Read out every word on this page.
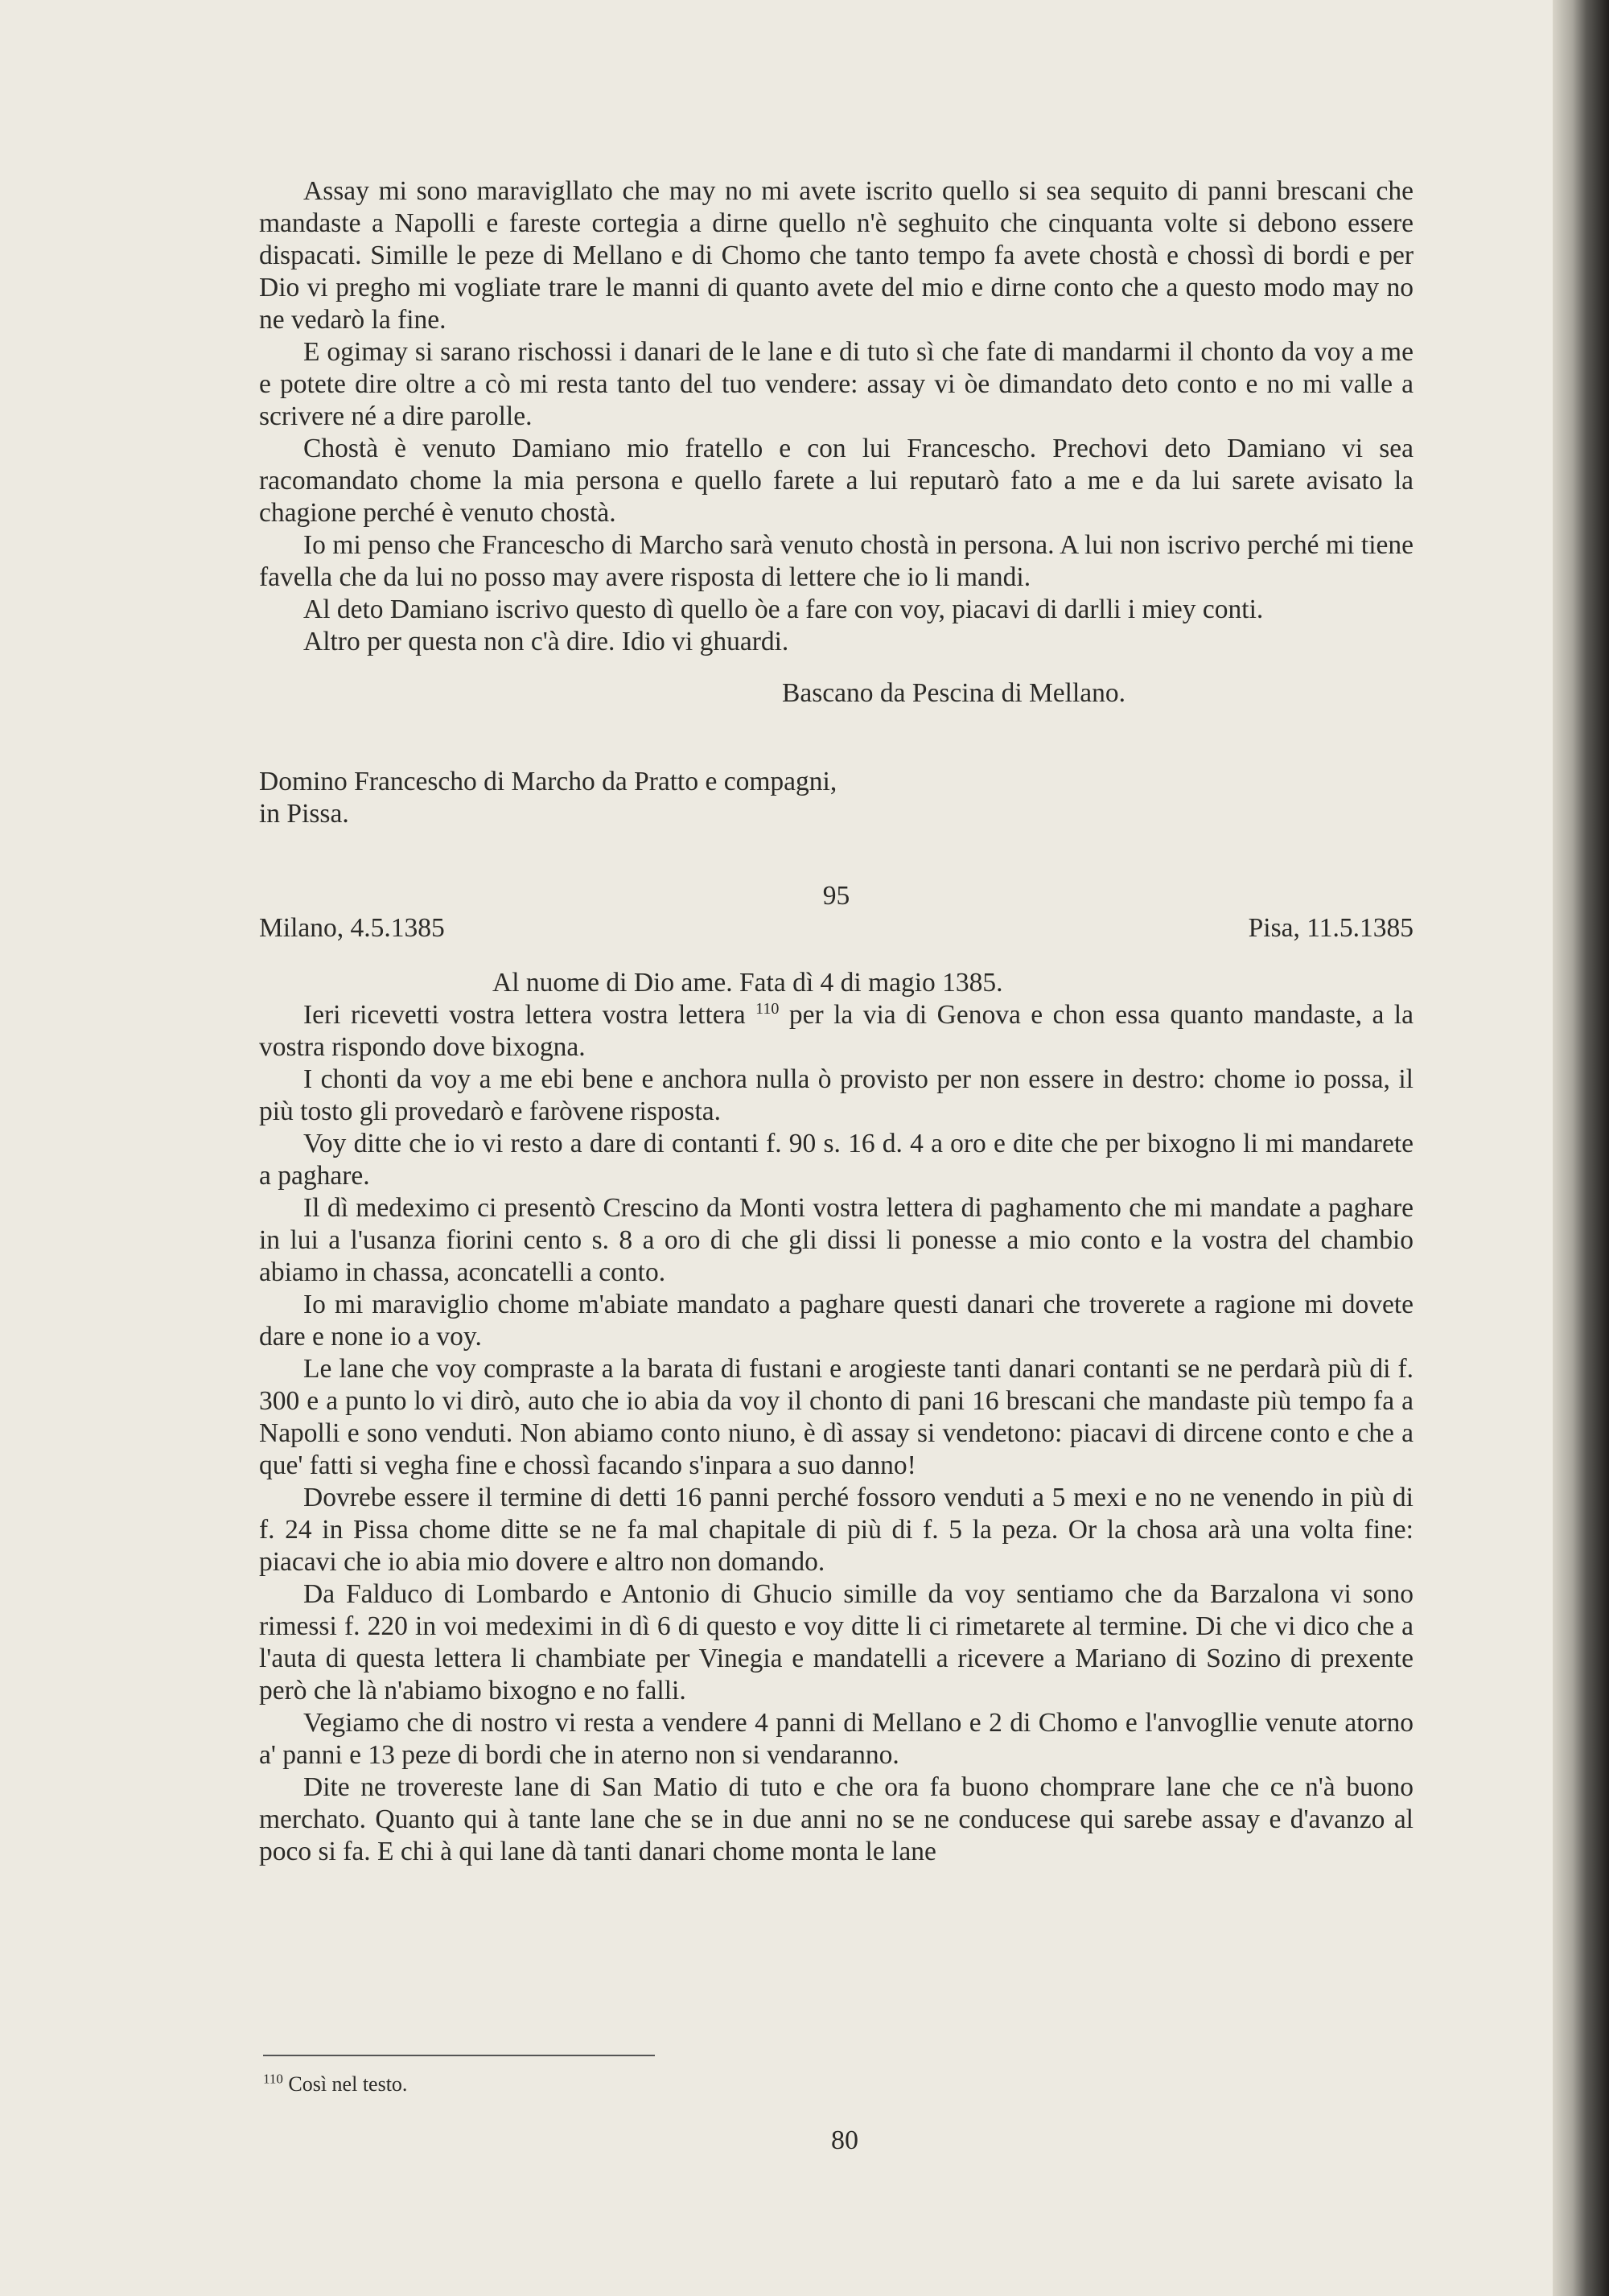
Assay mi sono maravigllato che may no mi avete iscrito quello si sea sequito di panni brescani che mandaste a Napolli e fareste cortegia a dirne quello n'è seghuito che cinquanta volte si debono essere dispacati. Simille le peze di Mellano e di Chomo che tanto tempo fa avete chostà e chossì di bordi e per Dio vi pregho mi vogliate trare le manni di quanto avete del mio e dirne conto che a questo modo may no ne vedarò la fine.

E ogimay si sarano rischossi i danari de le lane e di tuto sì che fate di mandarmi il chonto da voy a me e potete dire oltre a cò mi resta tanto del tuo vendere: assay vi òe dimandato deto conto e no mi valle a scrivere né a dire parolle.

Chostà è venuto Damiano mio fratello e con lui Francescho. Prechovi deto Damiano vi sea racomandato chome la mia persona e quello farete a lui reputarò fato a me e da lui sarete avisato la chagione perché è venuto chostà.

Io mi penso che Francescho di Marcho sarà venuto chostà in persona. A lui non iscrivo perché mi tiene favella che da lui no posso may avere risposta di lettere che io li mandi.

Al deto Damiano iscrivo questo dì quello òe a fare con voy, piacavi di darlli i miey conti.

Altro per questa non c'à dire. Idio vi ghuardi.

Bascano da Pescina di Mellano.

Domino Francescho di Marcho da Pratto e compagni,
in Pissa.
95
Milano, 4.5.1385	Pisa, 11.5.1385

Al nuome di Dio ame. Fata dì 4 di magio 1385.

Ieri ricevetti vostra lettera vostra lettera $^{110}$ per la via di Genova e chon essa quanto mandaste, a la vostra rispondo dove bixogna.

I chonti da voy a me ebi bene e anchora nulla ò provisto per non essere in destro: chome io possa, il più tosto gli provedarò e faròvene risposta.

Voy ditte che io vi resto a dare di contanti f. 90 s. 16 d. 4 a oro e dite che per bixogno li mi mandarete a paghare.

Il dì medeximo ci presentò Crescino da Monti vostra lettera di paghamento che mi mandate a paghare in lui a l'usanza fiorini cento s. 8 a oro di che gli dissi li ponesse a mio conto e la vostra del chambio abiamo in chassa, aconcatelli a conto.

Io mi maraviglio chome m'abiate mandato a paghare questi danari che troverete a ragione mi dovete dare e none io a voy.

Le lane che voy compraste a la barata di fustani e arogieste tanti danari contanti se ne perdarà più di f. 300 e a punto lo vi dirò, auto che io abia da voy il chonto di pani 16 brescani che mandaste più tempo fa a Napolli e sono venduti. Non abiamo conto niuno, è dì assay si vendetono: piacavi di dircene conto e che a que' fatti si vegha fine e chossì facando s'inpara a suo danno!

Dovrebe essere il termine di detti 16 panni perché fossoro venduti a 5 mexi e no ne venendo in più di f. 24 in Pissa chome ditte se ne fa mal chapitale di più di f. 5 la peza. Or la chosa arà una volta fine: piacavi che io abia mio dovere e altro non domando.

Da Falduco di Lombardo e Antonio di Ghucio simille da voy sentiamo che da Barzalona vi sono rimessi f. 220 in voi medeximi in dì 6 di questo e voy ditte li ci rimetarete al termine. Di che vi dico che a l'auta di questa lettera li chambiate per Vinegia e mandatelli a ricevere a Mariano di Sozino di prexente però che là n'abiamo bixogno e no falli.

Vegiamo che di nostro vi resta a vendere 4 panni di Mellano e 2 di Chomo e l'anvogllie venute atorno a' panni e 13 peze di bordi che in aterno non si vendaranno.

Dite ne trovereste lane di San Matio di tuto e che ora fa buono chomprare lane che ce n'à buono merchato. Quanto qui à tante lane che se in due anni no se ne conducese qui sarebe assay e d'avanzo al poco si fa. E chi à qui lane dà tanti danari chome monta le lane

$^{110}$ Così nel testo.
80
